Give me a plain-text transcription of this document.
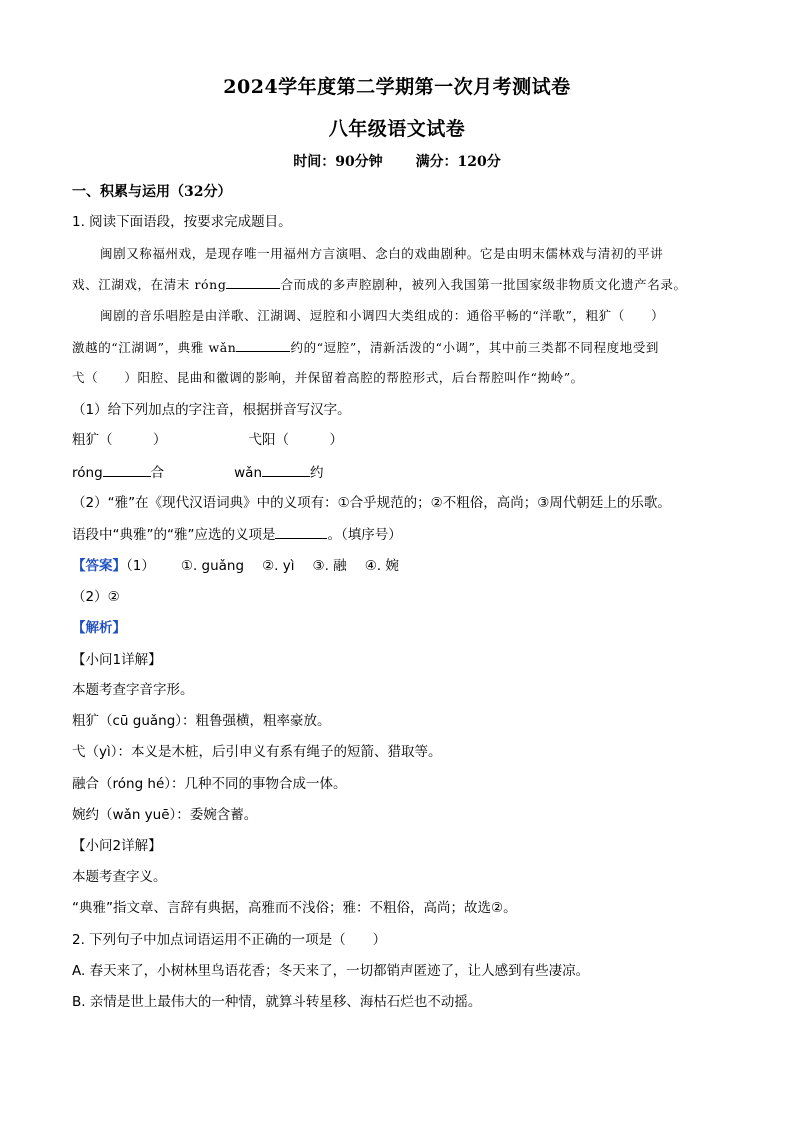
2024学年度第二学期第一次月考测试卷
八年级语文试卷
时间：90分钟 满分：120分
一、积累与运用（32分）
1. 阅读下面语段，按要求完成题目。
闽剧又称福州戏，是现存唯一用福州方言演唱、念白的戏曲剧种。它是由明末儒林戏与清初的平讲
戏、江湖戏，在清末 róng	合而成的多声腔剧种，被列入我国第一批国家级非物质文化遗产名录。
闽剧的音乐唱腔是由洋歌、江湖调、逗腔和小调四大类组成的：通俗平畅的“洋歌”，粗犷（　　）
激越的“江湖调”，典雅 wǎn	约的“逗腔”，清新活泼的“小调”，其中前三类都不同程度地受到
弋（　　）阳腔、昆曲和徽调的影响，并保留着高腔的帮腔形式，后台帮腔叫作“拗岭”。
（1）给下列加点的字注音，根据拼音写汉字。
粗犷（　　　）	弋阳（　　　）
róng	合	wǎn	约
（2）“雅”在《现代汉语词典》中的义项有：①合乎规范的；②不粗俗，高尚；③周代朝廷上的乐歌。
语段中“典雅”的“雅”应选的义项是	。（填序号）
【答案】（1） ①. guǎng ②. yì ③. 融 ④. 婉
（2）②
【解析】
【小问1详解】
本题考查字音字形。
粗犷（cū guǎng）：粗鲁强横，粗率豪放。
弋（yì）：本义是木桩，后引申义有系有绳子的短箭、猎取等。
融合（róng hé）：几种不同的事物合成一体。
婉约（wǎn yuē）：委婉含蓄。
【小问2详解】
本题考查字义。
“典雅”指文章、言辞有典据，高雅而不浅俗；雅：不粗俗，高尚；故选②。
2. 下列句子中加点词语运用不正确的一项是（　　）
A. 春天来了，小树林里鸟语花香；冬天来了，一切都销声匿迹了，让人感到有些凄凉。
B. 亲情是世上最伟大的一种情，就算斗转星移、海枯石烂也不动摇。
